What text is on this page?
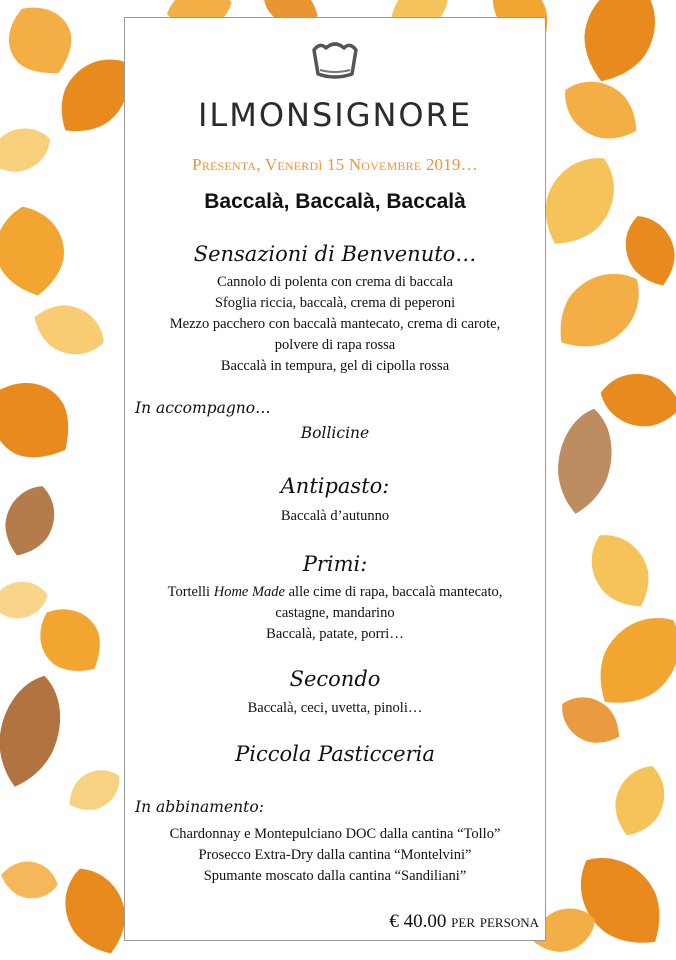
ILMONSIGNORE
Presenta, Venerdì 15 Novembre 2019…
Baccalà, Baccalà, Baccalà
Sensazioni di Benvenuto…
Cannolo di polenta con crema di baccala
Sfoglia riccia, baccalà, crema di peperoni
Mezzo pacchero con baccalà mantecato, crema di carote,
polvere di rapa rossa
Baccalà in tempura, gel di cipolla rossa
In accompagno…
Bollicine
Antipasto:
Baccalà d’autunno
Primi:
Tortelli Home Made alle cime di rapa, baccalà mantecato,
castagne, mandarino
Baccalà, patate, porri…
Secondo
Baccalà, ceci, uvetta, pinoli…
Piccola Pasticceria
In abbinamento:
Chardonnay e Montepulciano DOC dalla cantina “Tollo”
Prosecco Extra-Dry dalla cantina “Montelvini”
Spumante moscato dalla cantina “Sandiliani”
€ 40.00 per persona
